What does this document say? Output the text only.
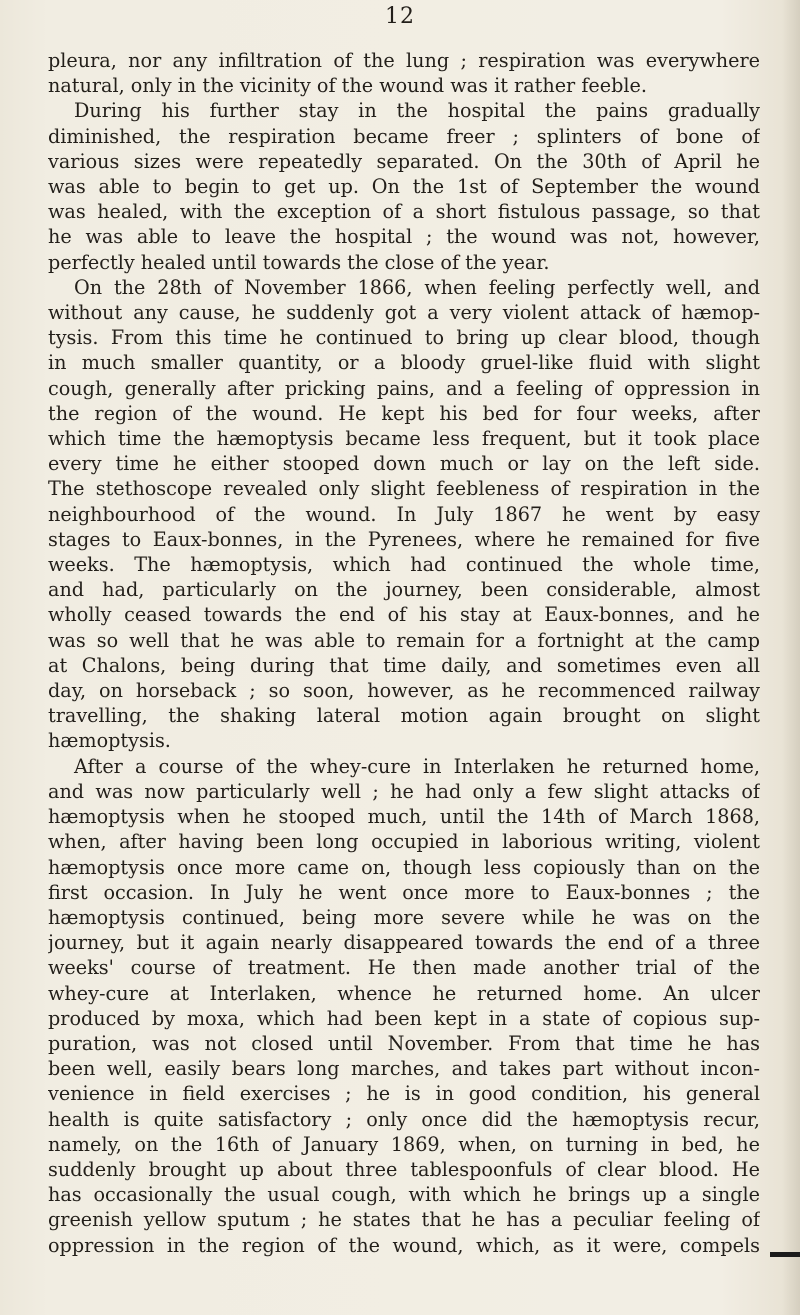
12
pleura, nor any infiltration of the lung ; respiration was everywhere
natural, only in the vicinity of the wound was it rather feeble.
During his further stay in the hospital the pains gradually
diminished, the respiration became freer ; splinters of bone of
various sizes were repeatedly separated. On the 30th of April he
was able to begin to get up. On the 1st of September the wound
was healed, with the exception of a short fistulous passage, so that
he was able to leave the hospital ; the wound was not, however,
perfectly healed until towards the close of the year.
On the 28th of November 1866, when feeling perfectly well, and
without any cause, he suddenly got a very violent attack of hæmop-
tysis. From this time he continued to bring up clear blood, though
in much smaller quantity, or a bloody gruel-like fluid with slight
cough, generally after pricking pains, and a feeling of oppression in
the region of the wound. He kept his bed for four weeks, after
which time the hæmoptysis became less frequent, but it took place
every time he either stooped down much or lay on the left side.
The stethoscope revealed only slight feebleness of respiration in the
neighbourhood of the wound. In July 1867 he went by easy
stages to Eaux-bonnes, in the Pyrenees, where he remained for five
weeks. The hæmoptysis, which had continued the whole time,
and had, particularly on the journey, been considerable, almost
wholly ceased towards the end of his stay at Eaux-bonnes, and he
was so well that he was able to remain for a fortnight at the camp
at Chalons, being during that time daily, and sometimes even all
day, on horseback ; so soon, however, as he recommenced railway
travelling, the shaking lateral motion again brought on slight
hæmoptysis.
After a course of the whey-cure in Interlaken he returned home,
and was now particularly well ; he had only a few slight attacks of
hæmoptysis when he stooped much, until the 14th of March 1868,
when, after having been long occupied in laborious writing, violent
hæmoptysis once more came on, though less copiously than on the
first occasion. In July he went once more to Eaux-bonnes ; the
hæmoptysis continued, being more severe while he was on the
journey, but it again nearly disappeared towards the end of a three
weeks' course of treatment. He then made another trial of the
whey-cure at Interlaken, whence he returned home. An ulcer
produced by moxa, which had been kept in a state of copious sup-
puration, was not closed until November. From that time he has
been well, easily bears long marches, and takes part without incon-
venience in field exercises ; he is in good condition, his general
health is quite satisfactory ; only once did the hæmoptysis recur,
namely, on the 16th of January 1869, when, on turning in bed, he
suddenly brought up about three tablespoonfuls of clear blood. He
has occasionally the usual cough, with which he brings up a single
greenish yellow sputum ; he states that he has a peculiar feeling of
oppression in the region of the wound, which, as it were, compels
